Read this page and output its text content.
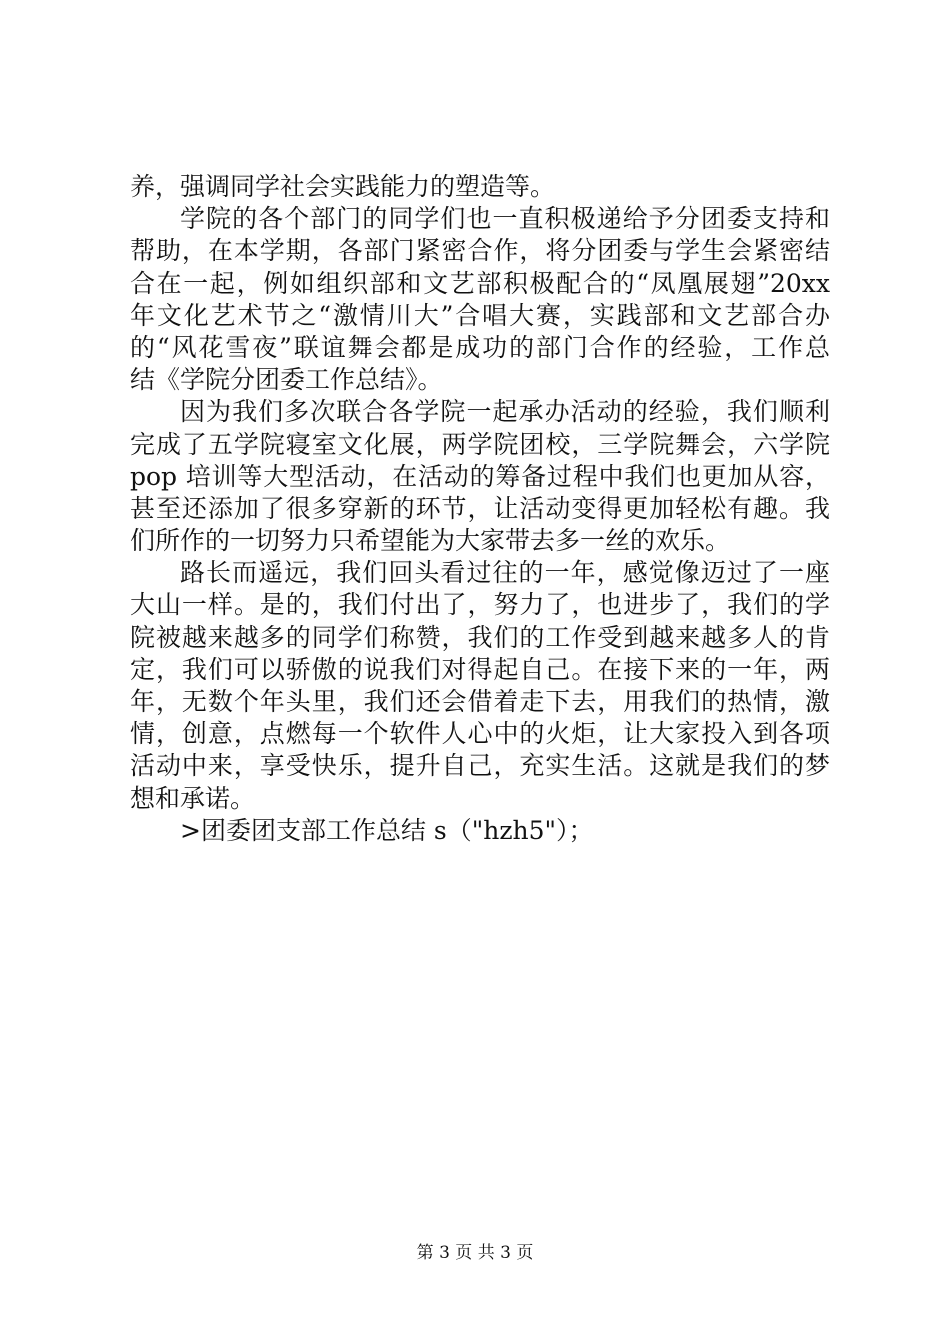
养，强调同学社会实践能力的塑造等。
学院的各个部门的同学们也一直积极递给予分团委支持和
帮助，在本学期，各部门紧密合作，将分团委与学生会紧密结
合在一起，例如组织部和文艺部积极配合的“凤凰展翅”20xx
年文化艺术节之“激情川大”合唱大赛，实践部和文艺部合办
的“风花雪夜”联谊舞会都是成功的部门合作的经验，工作总
结《学院分团委工作总结》。
因为我们多次联合各学院一起承办活动的经验，我们顺利
完成了五学院寝室文化展，两学院团校，三学院舞会，六学院
pop 培训等大型活动，在活动的筹备过程中我们也更加从容，
甚至还添加了很多穿新的环节，让活动变得更加轻松有趣。我
们所作的一切努力只希望能为大家带去多一丝的欢乐。
路长而遥远，我们回头看过往的一年，感觉像迈过了一座
大山一样。是的，我们付出了，努力了，也进步了，我们的学
院被越来越多的同学们称赞，我们的工作受到越来越多人的肯
定，我们可以骄傲的说我们对得起自己。在接下来的一年，两
年，无数个年头里，我们还会借着走下去，用我们的热情，激
情，创意，点燃每一个软件人心中的火炬，让大家投入到各项
活动中来，享受快乐，提升自己，充实生活。这就是我们的梦
想和承诺。
>团委团支部工作总结 s（"hzh5"）；
第 3 页 共 3 页
